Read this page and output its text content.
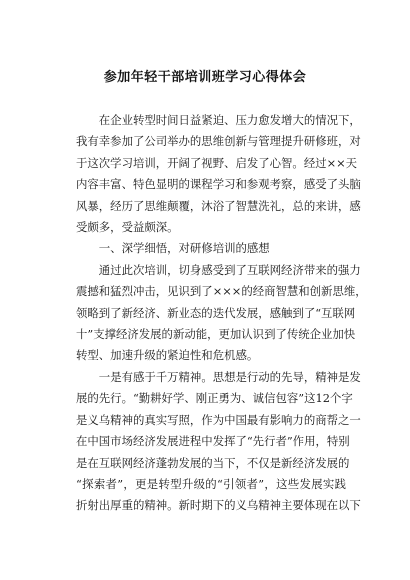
参加年轻干部培训班学习心得体会

在企业转型时间日益紧迫、压力愈发增大的情况下，
我有幸参加了公司举办的思维创新与管理提升研修班，对
于这次学习培训，开阔了视野、启发了心智。经过××天
内容丰富、特色显明的课程学习和参观考察，感受了头脑
风暴，经历了思维颠覆，沐浴了智慧洗礼，总的来讲，感
受颇多，受益颇深。

一、深学细悟，对研修培训的感想

通过此次培训，切身感受到了互联网经济带来的强力
震撼和猛烈冲击，见识到了×××的经商智慧和创新思维，
领略到了新经济、新业态的迭代发展，感触到了“互联网
十”支撑经济发展的新动能，更加认识到了传统企业加快
转型、加速升级的紧迫性和危机感。

一是有感于千万精神。思想是行动的先导，精神是发
展的先行。“勤耕好学、刚正勇为、诚信包容”这12个字
是义乌精神的真实写照，作为中国最有影响力的商帮之一
在中国市场经济发展进程中发挥了“先行者”作用，特别
是在互联网经济蓬勃发展的当下，不仅是新经济发展的
“探索者”，更是转型升级的“引领者”，这些发展实践
折射出厚重的精神。新时期下的义乌精神主要体现在以下
